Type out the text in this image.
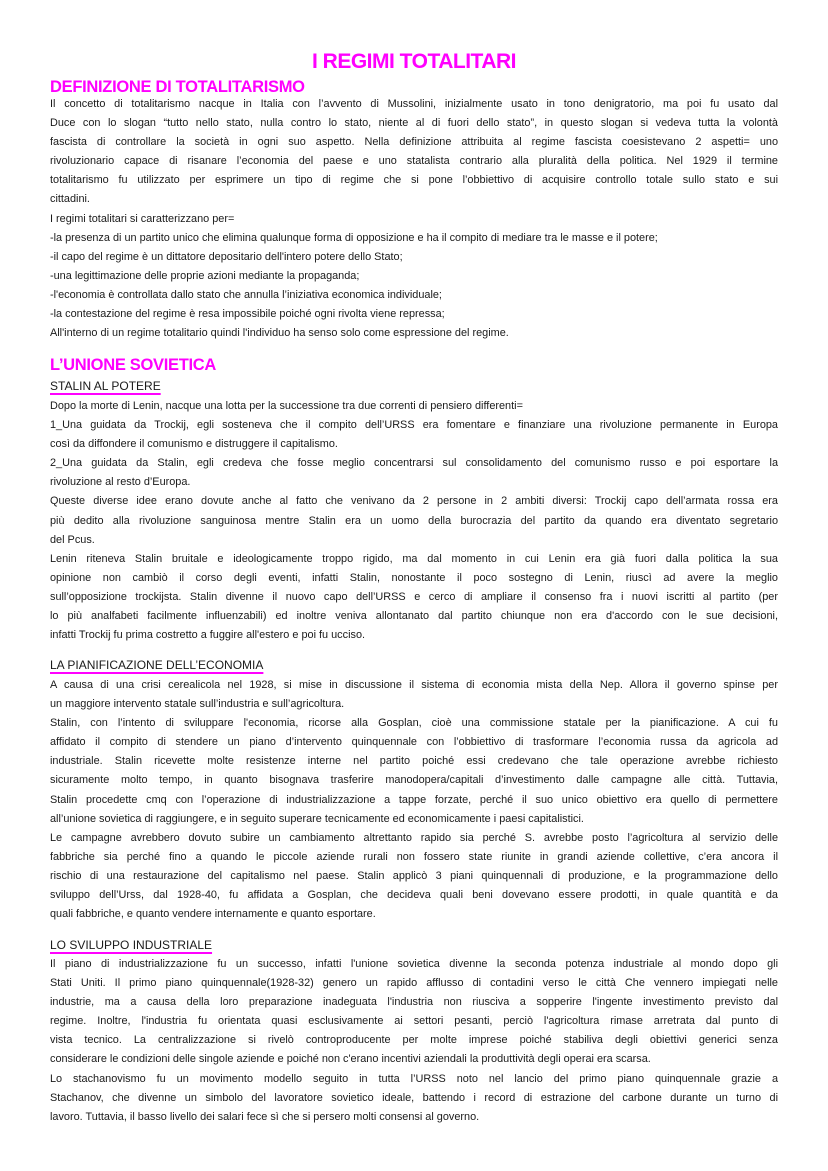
I REGIMI TOTALITARI
DEFINIZIONE DI TOTALITARISMO
Il concetto di totalitarismo nacque in Italia con l’avvento di Mussolini, inizialmente usato in tono denigratorio, ma poi fu usato dal
Duce con lo slogan “tutto nello stato, nulla contro lo stato, niente al di fuori dello stato”, in questo slogan si vedeva tutta la volontà
fascista di controllare la società in ogni suo aspetto. Nella definizione attribuita al regime fascista coesistevano 2 aspetti= uno
rivoluzionario capace di risanare l’economia del paese e uno statalista contrario alla pluralità della politica. Nel 1929 il termine
totalitarismo fu utilizzato per esprimere un tipo di regime che si pone l’obbiettivo di acquisire controllo totale sullo stato e sui
cittadini.
I regimi totalitari si caratterizzano per=
-la presenza di un partito unico che elimina qualunque forma di opposizione e ha il compito di mediare tra le masse e il potere;
-il capo del regime è un dittatore depositario dell'intero potere dello Stato;
-una legittimazione delle proprie azioni mediante la propaganda;
-l'economia è controllata dallo stato che annulla l’iniziativa economica individuale;
-la contestazione del regime è resa impossibile poiché ogni rivolta viene repressa;
All'interno di un regime totalitario quindi l'individuo ha senso solo come espressione del regime.
L’UNIONE SOVIETICA
STALIN AL POTERE
Dopo la morte di Lenin, nacque una lotta per la successione tra due correnti di pensiero differenti=
1_Una guidata da Trockij, egli sosteneva che il compito dell’URSS era fomentare e finanziare una rivoluzione permanente in Europa
così da diffondere il comunismo e distruggere il capitalismo.
2_Una guidata da Stalin, egli credeva che fosse meglio concentrarsi sul consolidamento del comunismo russo e poi esportare la
rivoluzione al resto d’Europa.
Queste diverse idee erano dovute anche al fatto che venivano da 2 persone in 2 ambiti diversi: Trockij capo dell’armata rossa era
più dedito alla rivoluzione sanguinosa mentre Stalin era un uomo della burocrazia del partito da quando era diventato segretario
del Pcus.
Lenin riteneva Stalin bruitale e ideologicamente troppo rigido, ma dal momento in cui Lenin era già fuori dalla politica la sua
opinione non cambiò il corso degli eventi, infatti Stalin, nonostante il poco sostegno di Lenin, riuscì ad avere la meglio
sull’opposizione trockijsta. Stalin divenne il nuovo capo dell’URSS e cerco di ampliare il consenso fra i nuovi iscritti al partito (per
lo più analfabeti facilmente influenzabili) ed inoltre veniva allontanato dal partito chiunque non era d'accordo con le sue decisioni,
infatti Trockij fu prima costretto a fuggire all'estero e poi fu ucciso.
LA PIANIFICAZIONE DELL’ECONOMIA
A causa di una crisi cerealicola nel 1928, si mise in discussione il sistema di economia mista della Nep. Allora il governo spinse per
un maggiore intervento statale sull’industria e sull’agricoltura.
Stalin, con l’intento di sviluppare l'economia, ricorse alla Gosplan, cioè una commissione statale per la pianificazione. A cui fu
affidato il compito di stendere un piano d’intervento quinquennale con l’obbiettivo di trasformare l’economia russa da agricola ad
industriale. Stalin ricevette molte resistenze interne nel partito poiché essi credevano che tale operazione avrebbe richiesto
sicuramente molto tempo, in quanto bisognava trasferire manodopera/capitali d’investimento dalle campagne alle città. Tuttavia,
Stalin procedette cmq con l’operazione di industrializzazione a tappe forzate, perché il suo unico obiettivo era quello di permettere
all’unione sovietica di raggiungere, e in seguito superare tecnicamente ed economicamente i paesi capitalistici.
Le campagne avrebbero dovuto subire un cambiamento altrettanto rapido sia perché S. avrebbe posto l’agricoltura al servizio delle
fabbriche sia perché fino a quando le piccole aziende rurali non fossero state riunite in grandi aziende collettive, c’era ancora il
rischio di una restaurazione del capitalismo nel paese. Stalin applicò 3 piani quinquennali di produzione, e la programmazione dello
sviluppo dell’Urss, dal 1928-40, fu affidata a Gosplan, che decideva quali beni dovevano essere prodotti, in quale quantità e da
quali fabbriche, e quanto vendere internamente e quanto esportare.
LO SVILUPPO INDUSTRIALE
Il piano di industrializzazione fu un successo, infatti l'unione sovietica divenne la seconda potenza industriale al mondo dopo gli
Stati Uniti. Il primo piano quinquennale(1928-32) genero un rapido afflusso di contadini verso le città Che vennero impiegati nelle
industrie, ma a causa della loro preparazione inadeguata l'industria non riusciva a sopperire l'ingente investimento previsto dal
regime. Inoltre, l'industria fu orientata quasi esclusivamente ai settori pesanti, perciò l'agricoltura rimase arretrata dal punto di
vista tecnico. La centralizzazione si rivelò controproducente per molte imprese poiché stabiliva degli obiettivi generici senza
considerare le condizioni delle singole aziende e poiché non c'erano incentivi aziendali la produttività degli operai era scarsa.
Lo stachanovismo fu un movimento modello seguito in tutta l’URSS noto nel lancio del primo piano quinquennale grazie a
Stachanov, che divenne un simbolo del lavoratore sovietico ideale, battendo i record di estrazione del carbone durante un turno di
lavoro. Tuttavia, il basso livello dei salari fece sì che si persero molti consensi al governo.
